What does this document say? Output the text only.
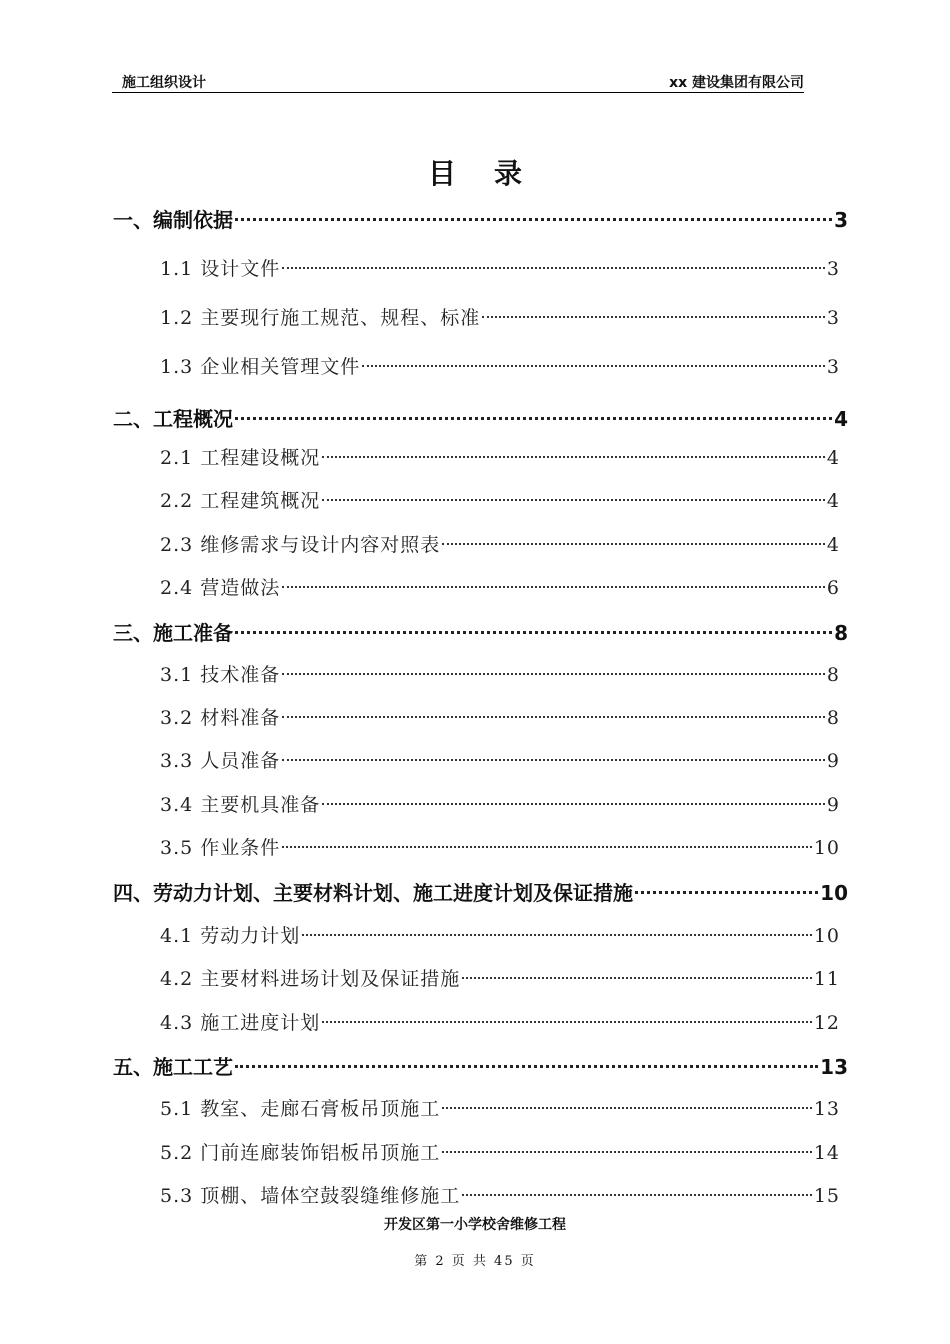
施工组织设计	xx 建设集团有限公司
目录
一、编制依据	3
1.1 设计文件	3
1.2 主要现行施工规范、规程、标准	3
1.3 企业相关管理文件	3
二、工程概况	4
2.1 工程建设概况	4
2.2 工程建筑概况	4
2.3 维修需求与设计内容对照表	4
2.4 营造做法	6
三、施工准备	8
3.1 技术准备	8
3.2 材料准备	8
3.3 人员准备	9
3.4 主要机具准备	9
3.5 作业条件	10
四、劳动力计划、主要材料计划、施工进度计划及保证措施	10
4.1 劳动力计划	10
4.2 主要材料进场计划及保证措施	11
4.3 施工进度计划	12
五、施工工艺	13
5.1 教室、走廊石膏板吊顶施工	13
5.2 门前连廊装饰铝板吊顶施工	14
5.3 顶棚、墙体空鼓裂缝维修施工	15
开发区第一小学校舍维修工程
第 2 页 共 45 页
